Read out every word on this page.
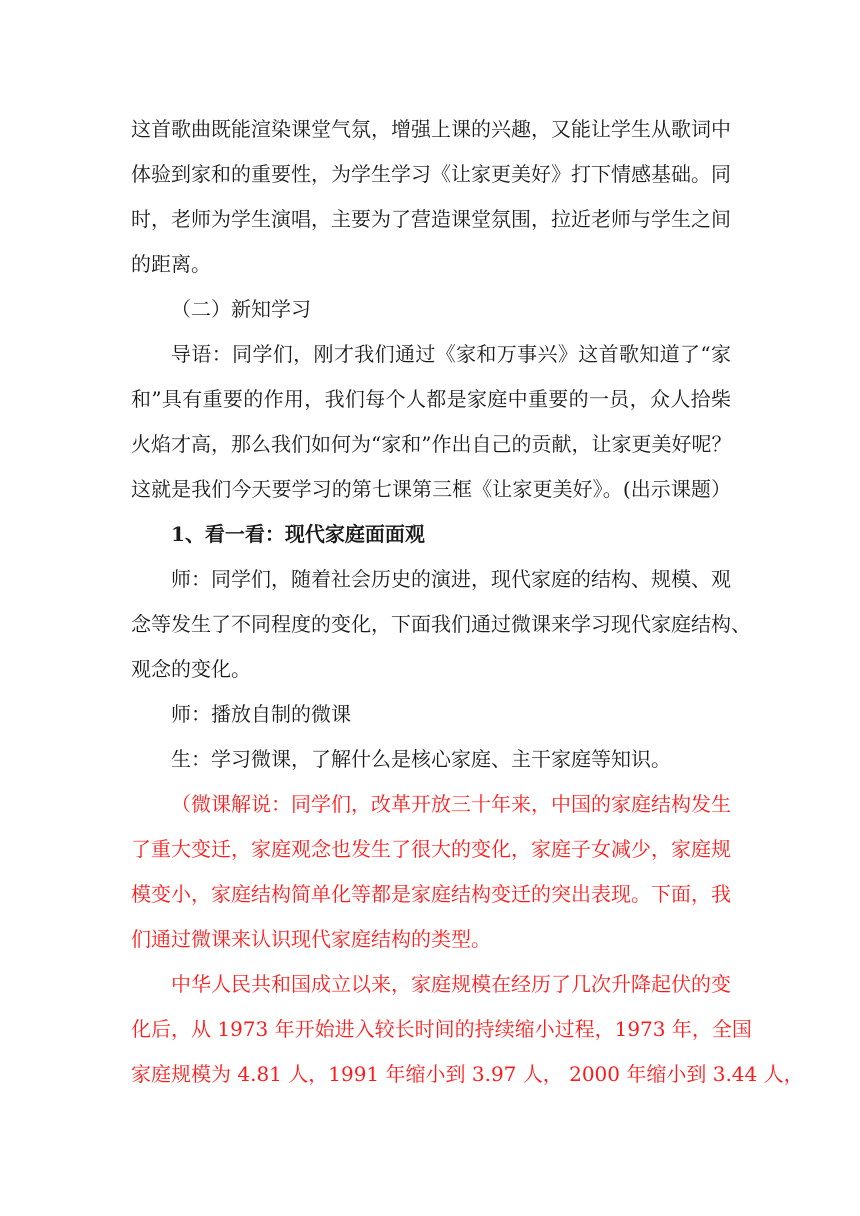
这首歌曲既能渲染课堂气氛，增强上课的兴趣，又能让学生从歌词中
体验到家和的重要性，为学生学习《让家更美好》打下情感基础。同
时，老师为学生演唱，主要为了营造课堂氛围，拉近老师与学生之间
的距离。
（二）新知学习
导语：同学们，刚才我们通过《家和万事兴》这首歌知道了“家
和”具有重要的作用，我们每个人都是家庭中重要的一员，众人拾柴
火焰才高，那么我们如何为“家和”作出自己的贡献，让家更美好呢？
这就是我们今天要学习的第七课第三框《让家更美好》。(出示课题）
1、看一看：现代家庭面面观
师：同学们，随着社会历史的演进，现代家庭的结构、规模、观
念等发生了不同程度的变化，下面我们通过微课来学习现代家庭结构、
观念的变化。
师：播放自制的微课
生：学习微课，了解什么是核心家庭、主干家庭等知识。
（微课解说：同学们，改革开放三十年来，中国的家庭结构发生
了重大变迁，家庭观念也发生了很大的变化，家庭子女减少，家庭规
模变小，家庭结构简单化等都是家庭结构变迁的突出表现。下面，我
们通过微课来认识现代家庭结构的类型。
中华人民共和国成立以来，家庭规模在经历了几次升降起伏的变
化后，从 1973 年开始进入较长时间的持续缩小过程，1973 年，全国
家庭规模为 4.81 人，1991 年缩小到 3.97 人， 2000 年缩小到 3.44 人，
